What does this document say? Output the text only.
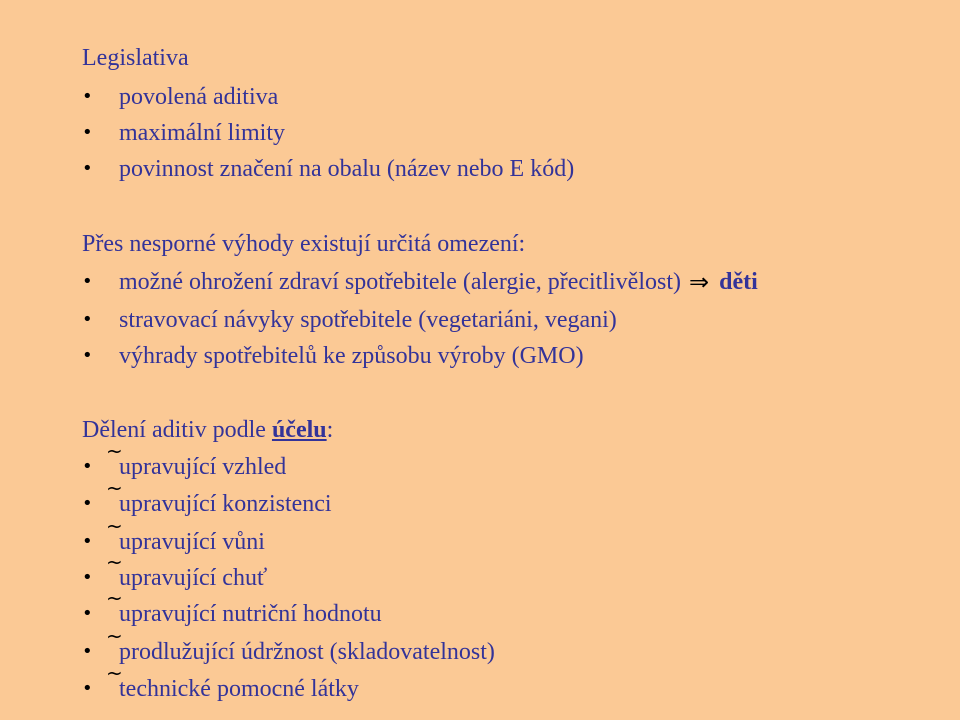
Legislativa
•	povolená aditiva
•	maximální limity
•	povinnost značení na obalu (název nebo E kód)
Přes nesporné výhody existují určitá omezení:
•	možné ohrožení zdraví spotřebitele (alergie, přecitlivělost) ⇒ děti
•	stravovací návyky spotřebitele (vegetariáni, vegani)
•	výhrady spotřebitelů ke způsobu výroby (GMO)
Dělení aditiv podle účelu:
•
~
upravující vzhled
•
~
upravující konzistenci
•
~
upravující vůni
•
~
upravující chuť
•
~
upravující nutriční hodnotu
•
~
prodlužující údržnost (skladovatelnost)
•
~
technické pomocné látky
